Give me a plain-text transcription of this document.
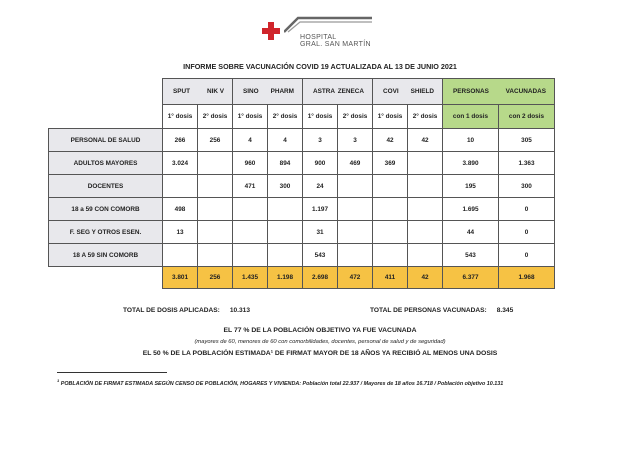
HOSPITAL
GRAL. SAN MARTÍN
INFORME SOBRE VACUNACIÓN COVID 19 ACTUALIZADA AL 13 DE JUNIO 2021

	SPUT NIK V		SINO PHARM		ASTRA ZENECA		COVI SHIELD		PERSONAS VACUNADAS	

	1° dosis	2° dosis	1° dosis	2° dosis	1° dosis	2° dosis	1° dosis	2° dosis	con 1 dosis	con 2 dosis
PERSONAL DE SALUD	266	256	4	4	3	3	42	42	10	305
ADULTOS MAYORES	3.024		960	894	900	469	369		3.890	1.363
DOCENTES			471	300	24				195	300
18 a 59 CON COMORB	498				1.197				1.695	0
F. SEG Y OTROS ESEN.	13				31				44	0
18 A 59 SIN COMORB					543				543	0
	3.801	256	1.435	1.198	2.698	472	411	42	6.377	1.968
TOTAL DE DOSIS APLICADAS: 10.313	TOTAL DE PERSONAS VACUNADAS: 8.345
EL 77 % DE LA POBLACIÓN OBJETIVO YA FUE VACUNADA
(mayores de 60, menores de 60 con comorbilidades, docentes, personal de salud y de seguridad)
EL 50 % DE LA POBLACIÓN ESTIMADA¹ DE FIRMAT MAYOR DE 18 AÑOS YA RECIBIÓ AL MENOS UNA DOSIS
$^1$ POBLACIÓN DE FIRMAT ESTIMADA SEGÚN CENSO DE POBLACIÓN, HOGARES Y VIVIENDA: Población total 22.937 / Mayores de 18 años 16.718 / Población objetivo 10.131
